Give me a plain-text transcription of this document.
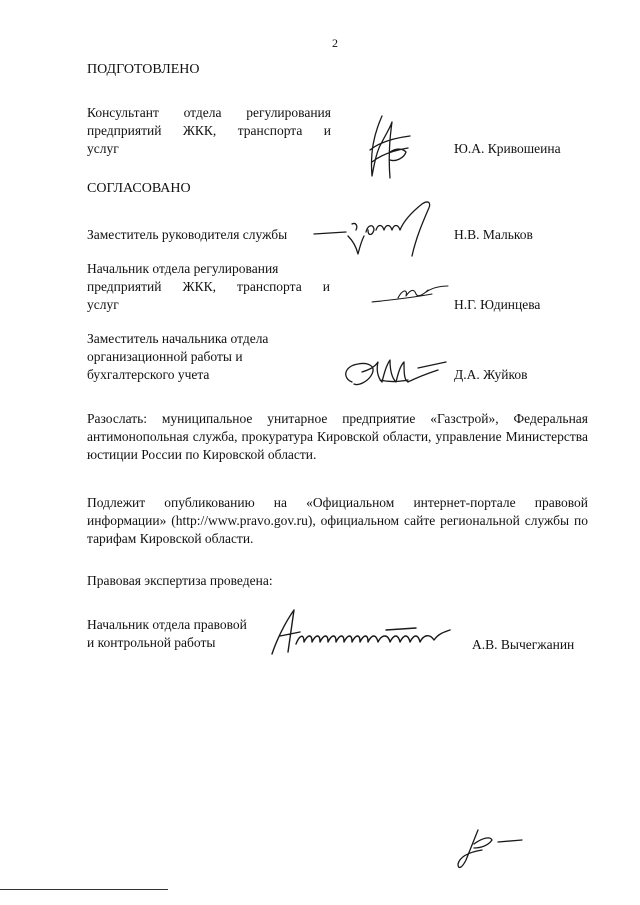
2
ПОДГОТОВЛЕНО
Консультант отдела регулирования
предприятий ЖКК, транспорта и
услуг	Ю.А. Кривошеина
СОГЛАСОВАНО
Заместитель руководителя службы	Н.В. Мальков
Начальник отдела регулирования
предприятий ЖКК, транспорта и
услуг	Н.Г. Юдинцева
Заместитель начальника отдела
организационной работы и
бухгалтерского учета	Д.А. Жуйков
Разослать: муниципальное унитарное предприятие «Газстрой», Федеральная антимонопольная служба, прокуратура Кировской области, управление Министерства юстиции России по Кировской области.
Подлежит опубликованию на «Официальном интернет-портале правовой информации» (http://www.pravo.gov.ru), официальном сайте региональной службы по тарифам Кировской области.
Правовая экспертиза проведена:
Начальник отдела правовой
и контрольной работы	А.В. Вычегжанин
